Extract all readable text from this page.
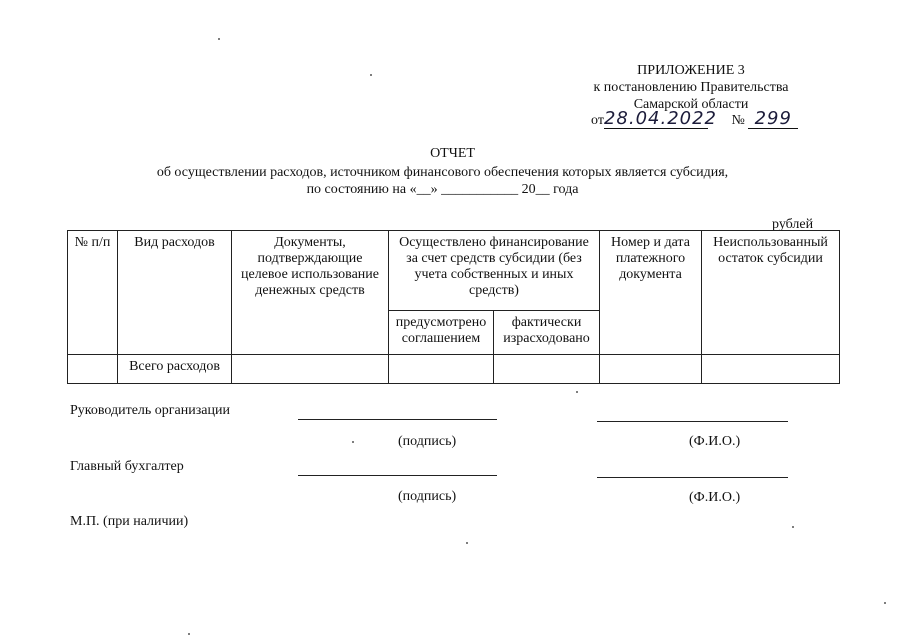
ПРИЛОЖЕНИЕ 3
к постановлению Правительства
Самарской области
от28.04.2022 № 299
ОТЧЕТ
об осуществлении расходов, источником финансового обеспечения которых является субсидия,
по состоянию на «__» ___________ 20__ года
рублей
№ п/п	Вид расходов	Документы, подтверждающие целевое использование денежных средств	Осуществлено финансирование за счет средств субсидии (без учета собственных и иных средств)		Номер и дата платежного документа	Неиспользованный остаток субсидии
			предусмотрено соглашением	фактически израсходовано		
	Всего расходов					
Руководитель организации
(подпись)	(Ф.И.О.)
Главный бухгалтер
(подпись)	(Ф.И.О.)
М.П. (при наличии)
